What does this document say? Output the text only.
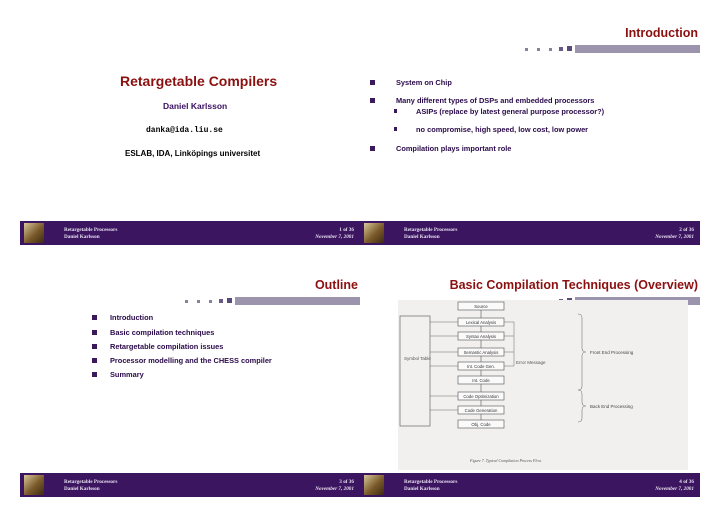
Retargetable Compilers
Daniel Karlsson
danka@ida.liu.se
ESLAB, IDA, Linköpings universitet
Retargetable Processors
Daniel Karlsson
1 of 36
November 7, 2001
Introduction
System on Chip
Many different types of DSPs and embedded processors
ASIPs (replace by latest general purpose processor?)
no compromise, high speed, low cost, low power
Compilation plays important role
Retargetable Processors
Daniel Karlsson
2 of 36
November 7, 2001
Outline
Introduction
Basic compilation techniques
Retargetable compilation issues
Processor modelling and the CHESS compiler
Summary
Retargetable Processors
Daniel Karlsson
3 of 36
November 7, 2001
Basic Compilation Techniques (Overview)
Symbol Table
Error Message
Source
Lexical Analysis
Syntax Analysis
Semantic Analysis
Int. Code Gen.
Int. Code
Code Optimization
Code Generation
Obj. Code
Front End Processing
Back End Processing
Figure 7. Typical Compilation Process Flow
Retargetable Processors
Daniel Karlsson
4 of 36
November 7, 2001
